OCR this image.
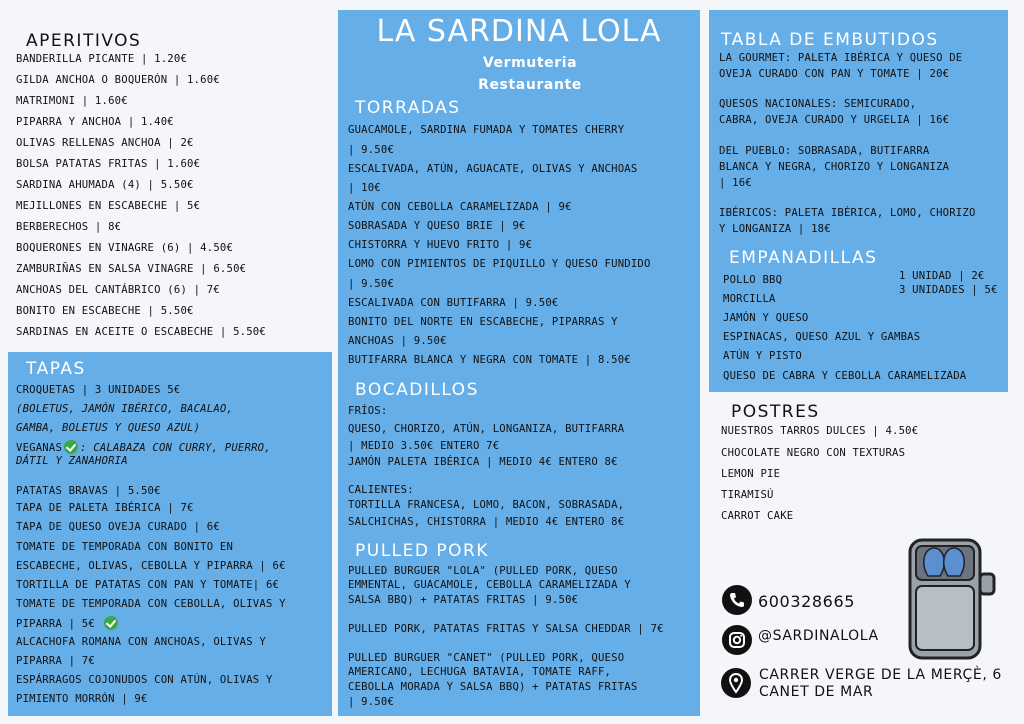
APERITIVOS
BANDERILLA PICANTE | 1.20€
GILDA ANCHOA O BOQUERÓN | 1.60€
MATRIMONI | 1.60€
PIPARRA Y ANCHOA | 1.40€
OLIVAS RELLENAS ANCHOA | 2€
BOLSA PATATAS FRITAS | 1.60€
SARDINA AHUMADA (4) | 5.50€
MEJILLONES EN ESCABECHE | 5€
BERBERECHOS | 8€
BOQUERONES EN VINAGRE (6) | 4.50€
ZAMBURIÑAS EN SALSA VINAGRE | 6.50€
ANCHOAS DEL CANTÁBRICO (6) | 7€
BONITO EN ESCABECHE | 5.50€
SARDINAS EN ACEITE O ESCABECHE | 5.50€
TAPAS
CROQUETAS | 3 UNIDADES 5€
(BOLETUS, JAMÓN IBÉRICO, BACALAO,
GAMBA, BOLETUS Y QUESO AZUL)
VEGANAS : CALABAZA CON CURRY, PUERRO,
DÁTIL Y ZANAHORIA
PATATAS BRAVAS | 5.50€
TAPA DE PALETA IBÉRICA | 7€
TAPA DE QUESO OVEJA CURADO | 6€
TOMATE DE TEMPORADA CON BONITO EN
ESCABECHE, OLIVAS, CEBOLLA Y PIPARRA | 6€
TORTILLA DE PATATAS CON PAN Y TOMATE| 6€
TOMATE DE TEMPORADA CON CEBOLLA, OLIVAS Y
PIPARRA | 5€
ALCACHOFA ROMANA CON ANCHOAS, OLIVAS Y
PIPARRA | 7€
ESPÁRRAGOS COJONUDOS CON ATÚN, OLIVAS Y
PIMIENTO MORRÓN | 9€
LA SARDINA LOLA
Vermuteria
Restaurante
TORRADAS
GUACAMOLE, SARDINA FUMADA Y TOMATES CHERRY
| 9.50€
ESCALIVADA, ATÚN, AGUACATE, OLIVAS Y ANCHOAS
| 10€
ATÚN CON CEBOLLA CARAMELIZADA | 9€
SOBRASADA Y QUESO BRIE | 9€
CHISTORRA Y HUEVO FRITO | 9€
LOMO CON PIMIENTOS DE PIQUILLO Y QUESO FUNDIDO
| 9.50€
ESCALIVADA CON BUTIFARRA | 9.50€
BONITO DEL NORTE EN ESCABECHE, PIPARRAS Y
ANCHOAS | 9.50€
BUTIFARRA BLANCA Y NEGRA CON TOMATE | 8.50€
BOCADILLOS
FRÍOS:
QUESO, CHORIZO, ATÚN, LONGANIZA, BUTIFARRA
| MEDIO 3.50€ ENTERO 7€
JAMÓN PALETA IBÉRICA | MEDIO 4€ ENTERO 8€
CALIENTES:
TORTILLA FRANCESA, LOMO, BACON, SOBRASADA,
SALCHICHAS, CHISTORRA | MEDIO 4€ ENTERO 8€
PULLED PORK
PULLED BURGUER "LOLA" (PULLED PORK, QUESO
EMMENTAL, GUACAMOLE, CEBOLLA CARAMELIZADA Y
SALSA BBQ) + PATATAS FRITAS | 9.50€
PULLED PORK, PATATAS FRITAS Y SALSA CHEDDAR | 7€
PULLED BURGUER "CANET" (PULLED PORK, QUESO
AMERICANO, LECHUGA BATAVIA, TOMATE RAFF,
CEBOLLA MORADA Y SALSA BBQ) + PATATAS FRITAS
| 9.50€
TABLA DE EMBUTIDOS
LA GOURMET: PALETA IBÉRICA Y QUESO DE
OVEJA CURADO CON PAN Y TOMATE | 20€
QUESOS NACIONALES: SEMICURADO,
CABRA, OVEJA CURADO Y URGELIA | 16€
DEL PUEBLO: SOBRASADA, BUTIFARRA
BLANCA Y NEGRA, CHORIZO Y LONGANIZA
| 16€
IBÉRICOS: PALETA IBÉRICA, LOMO, CHORIZO
Y LONGANIZA | 18€
EMPANADILLAS
1 UNIDAD | 2€
3 UNIDADES | 5€
POLLO BBQ
MORCILLA
JAMÓN Y QUESO
ESPINACAS, QUESO AZUL Y GAMBAS
ATÚN Y PISTO
QUESO DE CABRA Y CEBOLLA CARAMELIZADA
POSTRES
NUESTROS TARROS DULCES | 4.50€
CHOCOLATE NEGRO CON TEXTURAS
LEMON PIE
TIRAMISÚ
CARROT CAKE
600328665
@SARDINALOLA
CARRER VERGE DE LA MERÇÈ, 6
CANET DE MAR
